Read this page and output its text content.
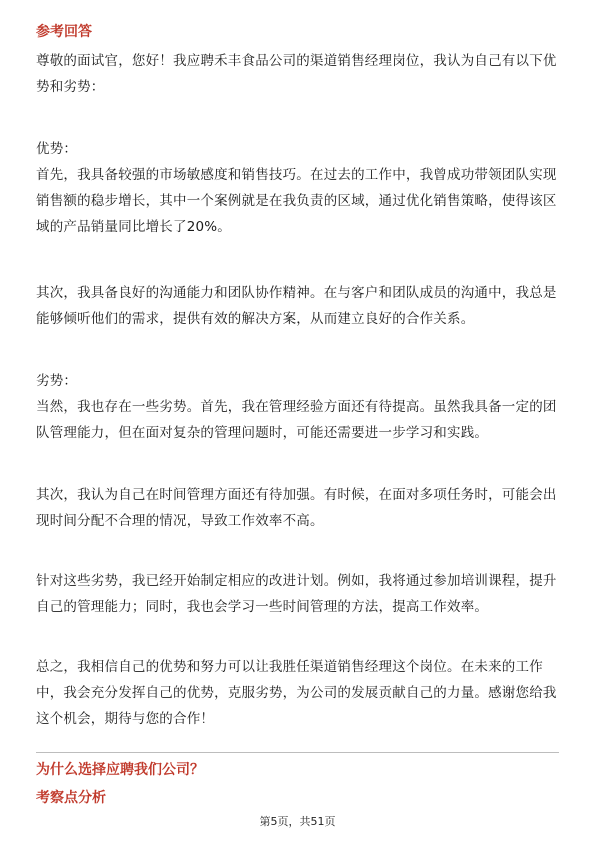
参考回答
尊敬的面试官，您好！我应聘禾丰食品公司的渠道销售经理岗位，我认为自己有以下优势和劣势：
优势：
首先，我具备较强的市场敏感度和销售技巧。在过去的工作中，我曾成功带领团队实现销售额的稳步增长，其中一个案例就是在我负责的区域，通过优化销售策略，使得该区域的产品销量同比增长了20%。
其次，我具备良好的沟通能力和团队协作精神。在与客户和团队成员的沟通中，我总是能够倾听他们的需求，提供有效的解决方案，从而建立良好的合作关系。
劣势：
当然，我也存在一些劣势。首先，我在管理经验方面还有待提高。虽然我具备一定的团队管理能力，但在面对复杂的管理问题时，可能还需要进一步学习和实践。
其次，我认为自己在时间管理方面还有待加强。有时候，在面对多项任务时，可能会出现时间分配不合理的情况，导致工作效率不高。
针对这些劣势，我已经开始制定相应的改进计划。例如，我将通过参加培训课程，提升自己的管理能力；同时，我也会学习一些时间管理的方法，提高工作效率。
总之，我相信自己的优势和努力可以让我胜任渠道销售经理这个岗位。在未来的工作中，我会充分发挥自己的优势，克服劣势，为公司的发展贡献自己的力量。感谢您给我这个机会，期待与您的合作！
为什么选择应聘我们公司？
考察点分析
第5页，共51页
